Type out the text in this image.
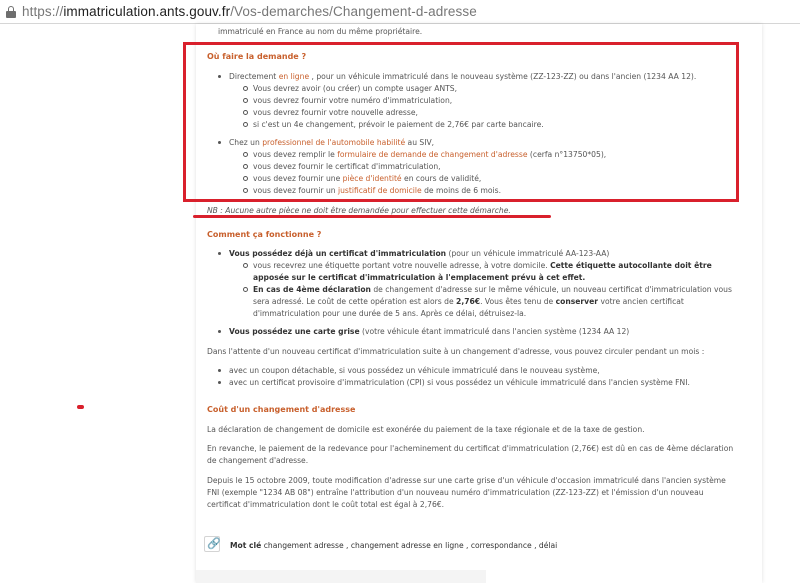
https://immatriculation.ants.gouv.fr/Vos-demarches/Changement-d-adresse
immatriculé en France au nom du même propriétaire.
Où faire la demande ?
Directement en ligne , pour un véhicule immatriculé dans le nouveau système (ZZ-123-ZZ) ou dans l'ancien (1234 AA 12).
Vous devrez avoir (ou créer) un compte usager ANTS,
vous devrez fournir votre numéro d'immatriculation,
vous devrez fournir votre nouvelle adresse,
si c'est un 4e changement, prévoir le paiement de 2,76€ par carte bancaire.
Chez un professionnel de l'automobile habilité au SIV,
vous devez remplir le formulaire de demande de changement d'adresse (cerfa n°13750*05),
vous devez fournir le certificat d'immatriculation,
vous devez fournir une pièce d'identité en cours de validité,
vous devez fournir un justificatif de domicile de moins de 6 mois.
NB : Aucune autre pièce ne doit être demandée pour effectuer cette démarche.
Comment ça fonctionne ?
Vous possédez déjà un certificat d'immatriculation (pour un véhicule immatriculé AA-123-AA)
vous recevrez une étiquette portant votre nouvelle adresse, à votre domicile. Cette étiquette autocollante doit être
apposée sur le certificat d'immatriculation à l'emplacement prévu à cet effet.
En cas de 4ème déclaration de changement d'adresse sur le même véhicule, un nouveau certificat d'immatriculation vous
sera adressé. Le coût de cette opération est alors de 2,76€. Vous êtes tenu de conserver votre ancien certificat
d'immatriculation pour une durée de 5 ans. Après ce délai, détruisez-la.
Vous possédez une carte grise (votre véhicule étant immatriculé dans l'ancien système (1234 AA 12)
Dans l'attente d'un nouveau certificat d'immatriculation suite à un changement d'adresse, vous pouvez circuler pendant un mois :
avec un coupon détachable, si vous possédez un véhicule immatriculé dans le nouveau système,
avec un certificat provisoire d'immatriculation (CPI) si vous possédez un véhicule immatriculé dans l'ancien système FNI.
Coût d'un changement d'adresse
La déclaration de changement de domicile est exonérée du paiement de la taxe régionale et de la taxe de gestion.
En revanche, le paiement de la redevance pour l'acheminement du certificat d'immatriculation (2,76€) est dû en cas de 4ème déclaration
de changement d'adresse.
Depuis le 15 octobre 2009, toute modification d'adresse sur une carte grise d'un véhicule d'occasion immatriculé dans l'ancien système
FNI (exemple "1234 AB 08") entraîne l'attribution d'un nouveau numéro d'immatriculation (ZZ-123-ZZ) et l'émission d'un nouveau
certificat d'immatriculation dont le coût total est égal à 2,76€.
🔗 Mot clé changement adresse , changement adresse en ligne , correspondance , délai
